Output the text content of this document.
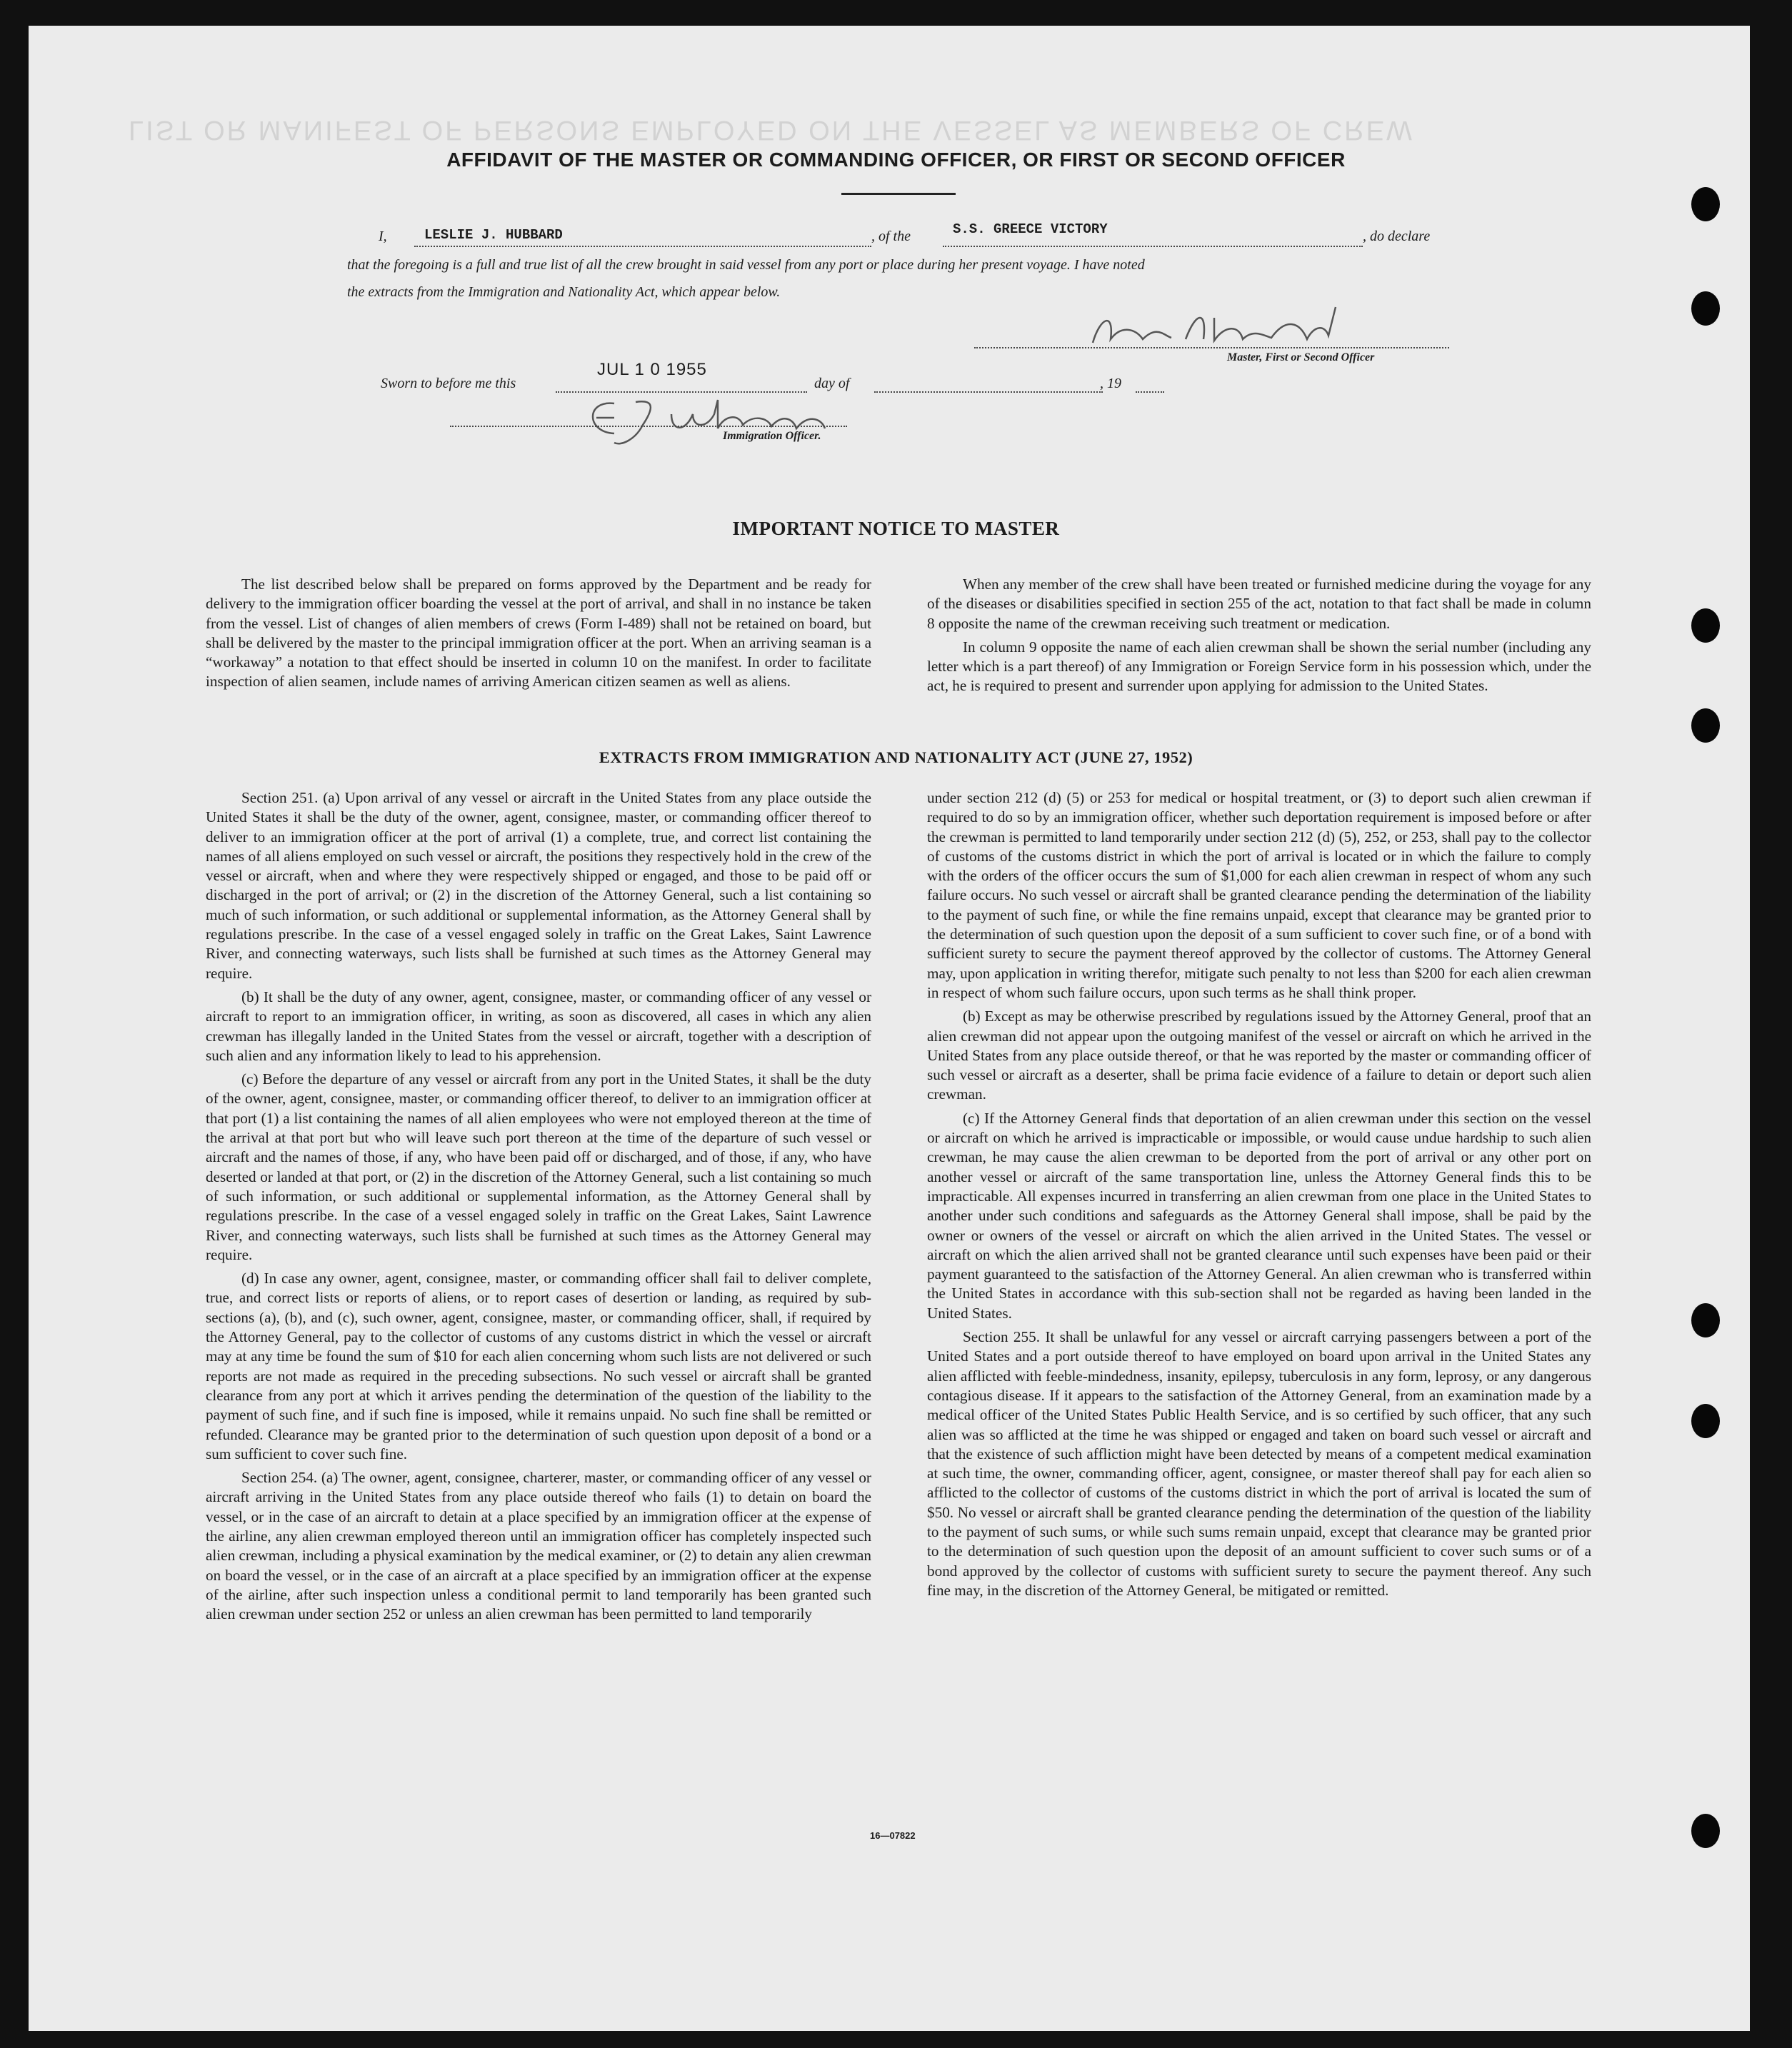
LIST OR MANIFEST OF PERSONS EMPLOYED ON THE VESSEL AS MEMBERS OF CREW
AFFIDAVIT OF THE MASTER OR COMMANDING OFFICER, OR FIRST OR SECOND OFFICER
I,	LESLIE J. HUBBARD	, of the	S.S. GREECE VICTORY	, do declare
that the foregoing is a full and true list of all the crew brought in said vessel from any port or place during her present voyage. I have noted
the extracts from the Immigration and Nationality Act, which appear below.
Master, First or Second Officer
Sworn to before me this
JUL 1 0 1955
day of	, 19
Immigration Officer.
IMPORTANT NOTICE TO MASTER

The list described below shall be prepared on forms approved by the Department and be ready for delivery to the immigration officer boarding the vessel at the port of arrival, and shall in no instance be taken from the vessel. List of changes of alien members of crews (Form I-489) shall not be retained on board, but shall be delivered by the master to the principal immigration officer at the port. When an arriving seaman is a “workaway” a notation to that effect should be inserted in column 10 on the manifest. In order to facilitate inspection of alien seamen, include names of arriving American citizen seamen as well as aliens.

When any member of the crew shall have been treated or furnished medicine during the voyage for any of the diseases or disabilities specified in section 255 of the act, notation to that fact shall be made in column 8 opposite the name of the crewman receiving such treatment or medication.

In column 9 opposite the name of each alien crewman shall be shown the serial number (including any letter which is a part thereof) of any Immigration or Foreign Service form in his possession which, under the act, he is required to present and surrender upon applying for admission to the United States.

EXTRACTS FROM IMMIGRATION AND NATIONALITY ACT (JUNE 27, 1952)

Section 251. (a) Upon arrival of any vessel or aircraft in the United States from any place outside the United States it shall be the duty of the owner, agent, consignee, master, or commanding officer thereof to deliver to an immigration officer at the port of arrival (1) a complete, true, and correct list containing the names of all aliens employed on such vessel or aircraft, the positions they respectively hold in the crew of the vessel or aircraft, when and where they were respectively shipped or engaged, and those to be paid off or discharged in the port of arrival; or (2) in the discretion of the Attorney General, such a list containing so much of such information, or such additional or supplemental information, as the Attorney General shall by regulations prescribe. In the case of a vessel engaged solely in traffic on the Great Lakes, Saint Lawrence River, and connecting waterways, such lists shall be furnished at such times as the Attorney General may require.

(b) It shall be the duty of any owner, agent, consignee, master, or commanding officer of any vessel or aircraft to report to an immigration officer, in writing, as soon as discovered, all cases in which any alien crewman has illegally landed in the United States from the vessel or aircraft, together with a description of such alien and any information likely to lead to his apprehension.

(c) Before the departure of any vessel or aircraft from any port in the United States, it shall be the duty of the owner, agent, consignee, master, or commanding officer thereof, to deliver to an immigration officer at that port (1) a list containing the names of all alien employees who were not employed thereon at the time of the arrival at that port but who will leave such port thereon at the time of the departure of such vessel or aircraft and the names of those, if any, who have been paid off or discharged, and of those, if any, who have deserted or landed at that port, or (2) in the discretion of the Attorney General, such a list containing so much of such information, or such additional or supplemental information, as the Attorney General shall by regulations prescribe. In the case of a vessel engaged solely in traffic on the Great Lakes, Saint Lawrence River, and connecting waterways, such lists shall be furnished at such times as the Attorney General may require.

(d) In case any owner, agent, consignee, master, or commanding officer shall fail to deliver complete, true, and correct lists or reports of aliens, or to report cases of desertion or landing, as required by sub-sections (a), (b), and (c), such owner, agent, consignee, master, or commanding officer, shall, if required by the Attorney General, pay to the collector of customs of any customs district in which the vessel or aircraft may at any time be found the sum of $10 for each alien concerning whom such lists are not delivered or such reports are not made as required in the preceding subsections. No such vessel or aircraft shall be granted clearance from any port at which it arrives pending the determination of the question of the liability to the payment of such fine, and if such fine is imposed, while it remains unpaid. No such fine shall be remitted or refunded. Clearance may be granted prior to the determination of such question upon deposit of a bond or a sum sufficient to cover such fine.

Section 254. (a) The owner, agent, consignee, charterer, master, or commanding officer of any vessel or aircraft arriving in the United States from any place outside thereof who fails (1) to detain on board the vessel, or in the case of an aircraft to detain at a place specified by an immigration officer at the expense of the airline, any alien crewman employed thereon until an immigration officer has completely inspected such alien crewman, including a physical examination by the medical examiner, or (2) to detain any alien crewman on board the vessel, or in the case of an aircraft at a place specified by an immigration officer at the expense of the airline, after such inspection unless a conditional permit to land temporarily has been granted such alien crewman under section 252 or unless an alien crewman has been permitted to land temporarily

under section 212 (d) (5) or 253 for medical or hospital treatment, or (3) to deport such alien crewman if required to do so by an immigration officer, whether such deportation requirement is imposed before or after the crewman is permitted to land temporarily under section 212 (d) (5), 252, or 253, shall pay to the collector of customs of the customs district in which the port of arrival is located or in which the failure to comply with the orders of the officer occurs the sum of $1,000 for each alien crewman in respect of whom any such failure occurs. No such vessel or aircraft shall be granted clearance pending the determination of the liability to the payment of such fine, or while the fine remains unpaid, except that clearance may be granted prior to the determination of such question upon the deposit of a sum sufficient to cover such fine, or of a bond with sufficient surety to secure the payment thereof approved by the collector of customs. The Attorney General may, upon application in writing therefor, mitigate such penalty to not less than $200 for each alien crewman in respect of whom such failure occurs, upon such terms as he shall think proper.

(b) Except as may be otherwise prescribed by regulations issued by the Attorney General, proof that an alien crewman did not appear upon the outgoing manifest of the vessel or aircraft on which he arrived in the United States from any place outside thereof, or that he was reported by the master or commanding officer of such vessel or aircraft as a deserter, shall be prima facie evidence of a failure to detain or deport such alien crewman.

(c) If the Attorney General finds that deportation of an alien crewman under this section on the vessel or aircraft on which he arrived is impracticable or impossible, or would cause undue hardship to such alien crewman, he may cause the alien crewman to be deported from the port of arrival or any other port on another vessel or aircraft of the same transportation line, unless the Attorney General finds this to be impracticable. All expenses incurred in transferring an alien crewman from one place in the United States to another under such conditions and safeguards as the Attorney General shall impose, shall be paid by the owner or owners of the vessel or aircraft on which the alien arrived in the United States. The vessel or aircraft on which the alien arrived shall not be granted clearance until such expenses have been paid or their payment guaranteed to the satisfaction of the Attorney General. An alien crewman who is transferred within the United States in accordance with this sub-section shall not be regarded as having been landed in the United States.

Section 255. It shall be unlawful for any vessel or aircraft carrying passengers between a port of the United States and a port outside thereof to have employed on board upon arrival in the United States any alien afflicted with feeble-mindedness, insanity, epilepsy, tuberculosis in any form, leprosy, or any dangerous contagious disease. If it appears to the satisfaction of the Attorney General, from an examination made by a medical officer of the United States Public Health Service, and is so certified by such officer, that any such alien was so afflicted at the time he was shipped or engaged and taken on board such vessel or aircraft and that the existence of such affliction might have been detected by means of a competent medical examination at such time, the owner, commanding officer, agent, consignee, or master thereof shall pay for each alien so afflicted to the collector of customs of the customs district in which the port of arrival is located the sum of $50. No vessel or aircraft shall be granted clearance pending the determination of the question of the liability to the payment of such sums, or while such sums remain unpaid, except that clearance may be granted prior to the determination of such question upon the deposit of an amount sufficient to cover such sums or of a bond approved by the collector of customs with sufficient surety to secure the payment thereof. Any such fine may, in the discretion of the Attorney General, be mitigated or remitted.

16—07822
